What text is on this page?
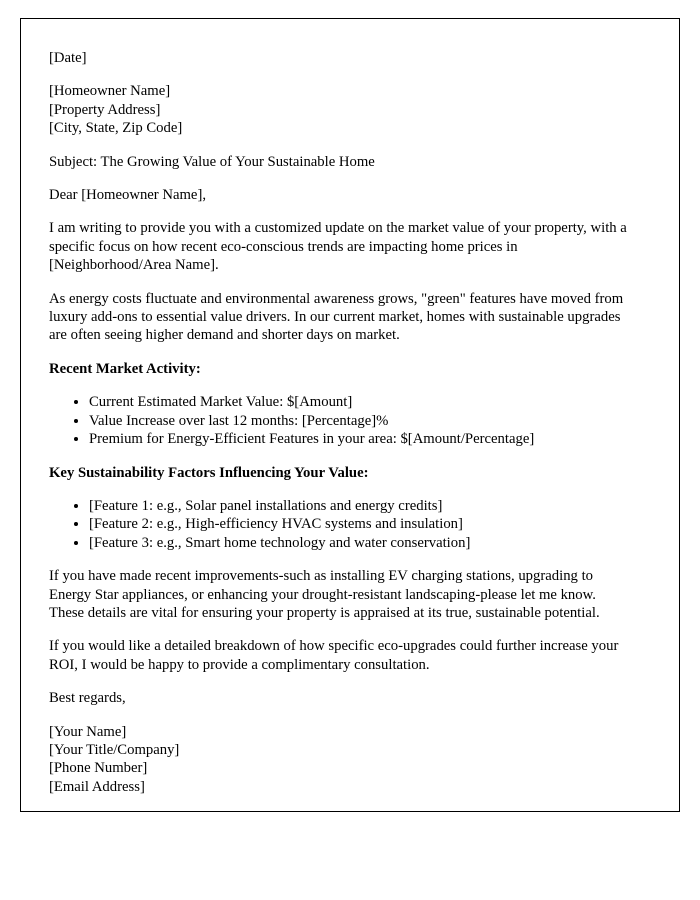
[Date]

[Homeowner Name]

[Property Address]

[City, State, Zip Code]

Subject: The Growing Value of Your Sustainable Home

Dear [Homeowner Name],

I am writing to provide you with a customized update on the market value of your property, with a specific focus on how recent eco-conscious trends are impacting home prices in [Neighborhood/Area Name].

As energy costs fluctuate and environmental awareness grows, "green" features have moved from luxury add-ons to essential value drivers. In our current market, homes with sustainable upgrades are often seeing higher demand and shorter days on market.

Recent Market Activity:

• Current Estimated Market Value: $[Amount]
• Value Increase over last 12 months: [Percentage]%
• Premium for Energy-Efficient Features in your area: $[Amount/Percentage]

Key Sustainability Factors Influencing Your Value:

• [Feature 1: e.g., Solar panel installations and energy credits]
• [Feature 2: e.g., High-efficiency HVAC systems and insulation]
• [Feature 3: e.g., Smart home technology and water conservation]

If you have made recent improvements-such as installing EV charging stations, upgrading to Energy Star appliances, or enhancing your drought-resistant landscaping-please let me know. These details are vital for ensuring your property is appraised at its true, sustainable potential.

If you would like a detailed breakdown of how specific eco-upgrades could further increase your ROI, I would be happy to provide a complimentary consultation.

Best regards,

[Your Name]

[Your Title/Company]

[Phone Number]

[Email Address]
